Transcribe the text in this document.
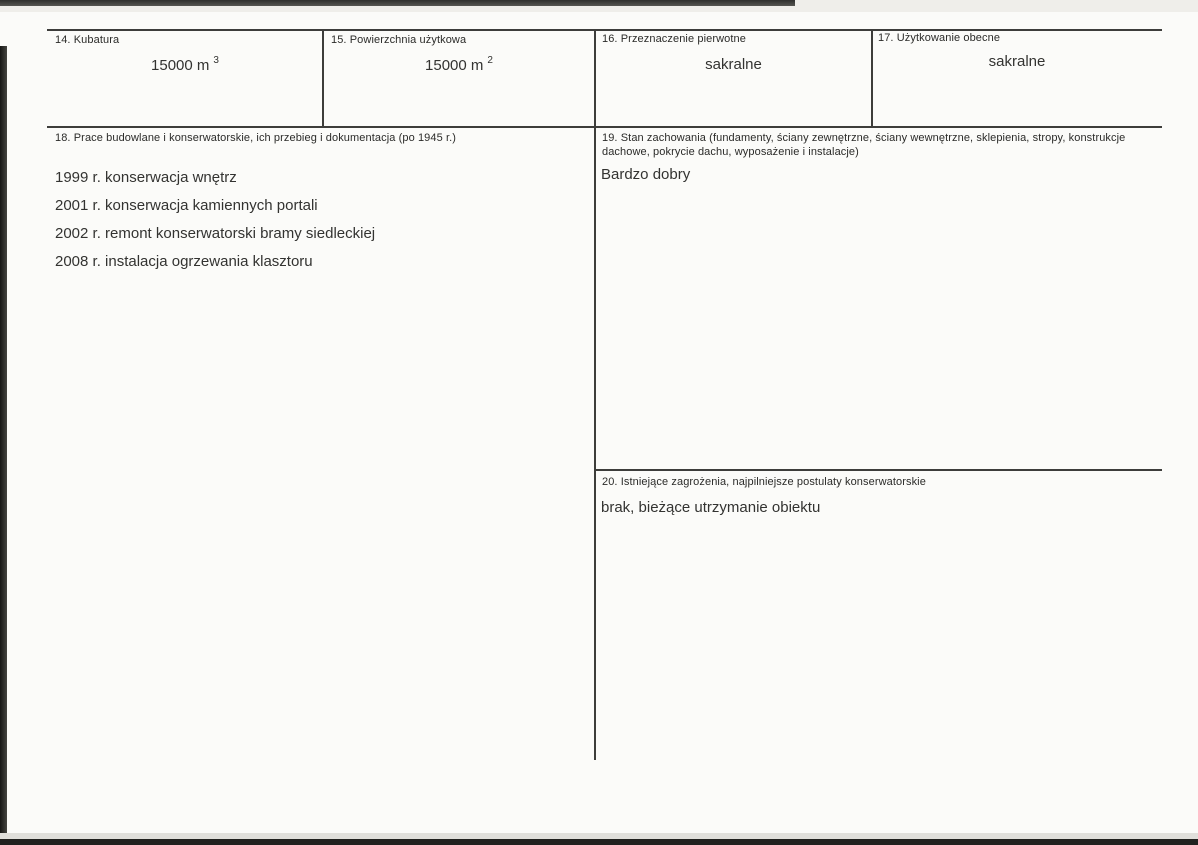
14. Kubatura
15000 m $^3$
15. Powierzchnia użytkowa
15000 m $^2$
16. Przeznaczenie pierwotne
sakralne
17. Użytkowanie obecne
sakralne
18. Prace budowlane i konserwatorskie, ich przebieg i dokumentacja (po 1945 r.)
1999 r. konserwacja wnętrz
2001 r. konserwacja kamiennych portali
2002 r. remont konserwatorski bramy siedleckiej
2008 r. instalacja ogrzewania klasztoru
19. Stan zachowania (fundamenty, ściany zewnętrzne, ściany wewnętrzne, sklepienia, stropy, konstrukcje dachowe, pokrycie dachu, wyposażenie i instalacje)
Bardzo dobry
20. Istniejące zagrożenia, najpilniejsze postulaty konserwatorskie
brak, bieżące utrzymanie obiektu
